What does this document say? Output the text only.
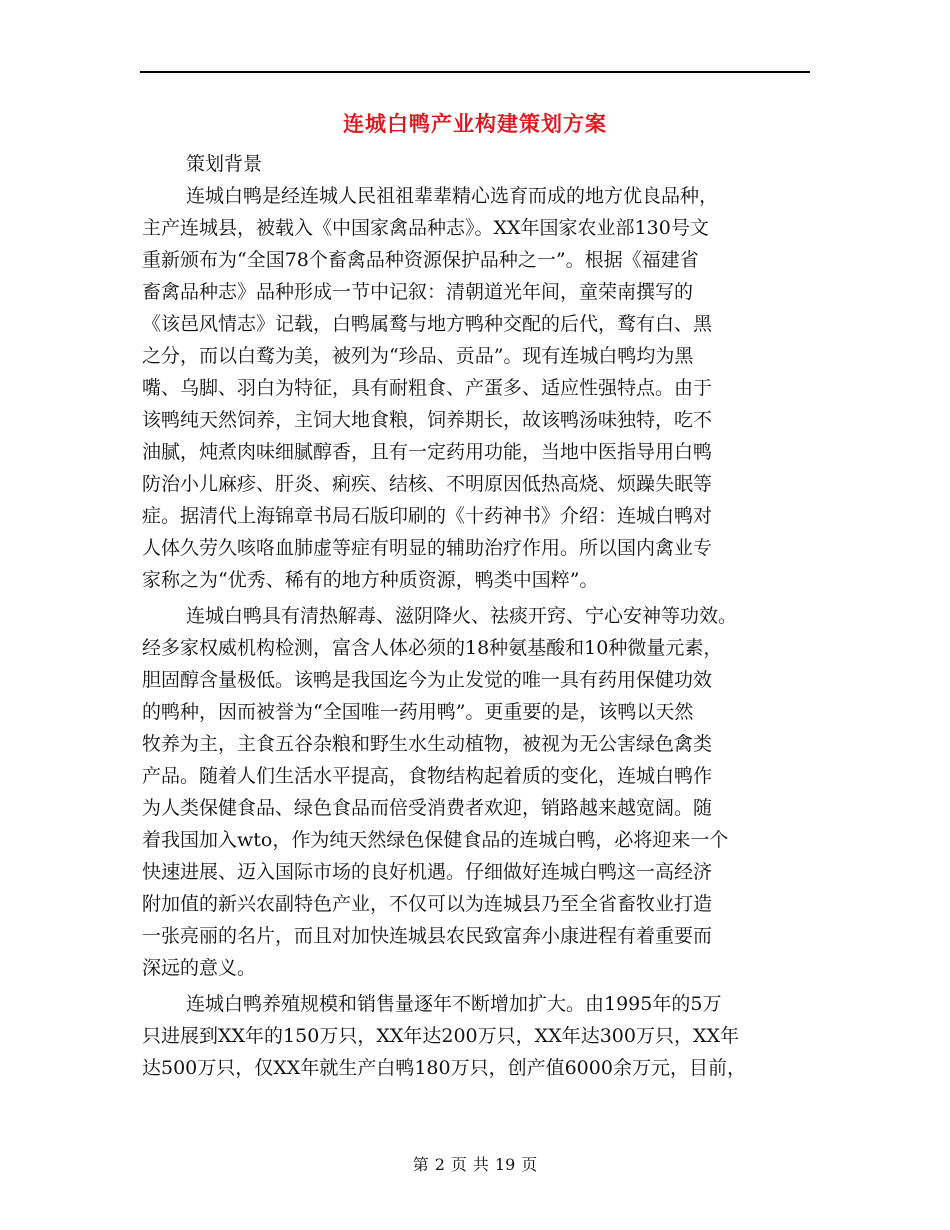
连城白鸭产业构建策划方案
策划背景
连城白鸭是经连城人民祖祖辈辈精心选育而成的地方优良品种，
主产连城县，被载入《中国家禽品种志》。XX年国家农业部130号文
重新颁布为“全国78个畜禽品种资源保护品种之一”。根据《福建省
畜禽品种志》品种形成一节中记叙：清朝道光年间，童荣南撰写的
《该邑风情志》记载，白鸭属鹜与地方鸭种交配的后代，鹜有白、黑
之分，而以白鹜为美，被列为“珍品、贡品”。现有连城白鸭均为黑
嘴、乌脚、羽白为特征，具有耐粗食、产蛋多、适应性强特点。由于
该鸭纯天然饲养，主饲大地食粮，饲养期长，故该鸭汤味独特，吃不
油腻，炖煮肉味细腻醇香，且有一定药用功能，当地中医指导用白鸭
防治小儿麻疹、肝炎、痢疾、结核、不明原因低热高烧、烦躁失眠等
症。据清代上海锦章书局石版印刷的《十药神书》介绍：连城白鸭对
人体久劳久咳咯血肺虚等症有明显的辅助治疗作用。所以国内禽业专
家称之为“优秀、稀有的地方种质资源，鸭类中国粹”。
连城白鸭具有清热解毒、滋阴降火、祛痰开窍、宁心安神等功效。
经多家权威机构检测，富含人体必须的18种氨基酸和10种微量元素，
胆固醇含量极低。该鸭是我国迄今为止发觉的唯一具有药用保健功效
的鸭种，因而被誉为“全国唯一药用鸭”。更重要的是，该鸭以天然
牧养为主，主食五谷杂粮和野生水生动植物，被视为无公害绿色禽类
产品。随着人们生活水平提高，食物结构起着质的变化，连城白鸭作
为人类保健食品、绿色食品而倍受消费者欢迎，销路越来越宽阔。随
着我国加入wto，作为纯天然绿色保健食品的连城白鸭，必将迎来一个
快速进展、迈入国际市场的良好机遇。仔细做好连城白鸭这一高经济
附加值的新兴农副特色产业，不仅可以为连城县乃至全省畜牧业打造
一张亮丽的名片，而且对加快连城县农民致富奔小康进程有着重要而
深远的意义。
连城白鸭养殖规模和销售量逐年不断增加扩大。由1995年的5万
只进展到XX年的150万只，XX年达200万只，XX年达300万只，XX年
达500万只，仅XX年就生产白鸭180万只，创产值6000余万元，目前，
第 2 页 共 19 页
